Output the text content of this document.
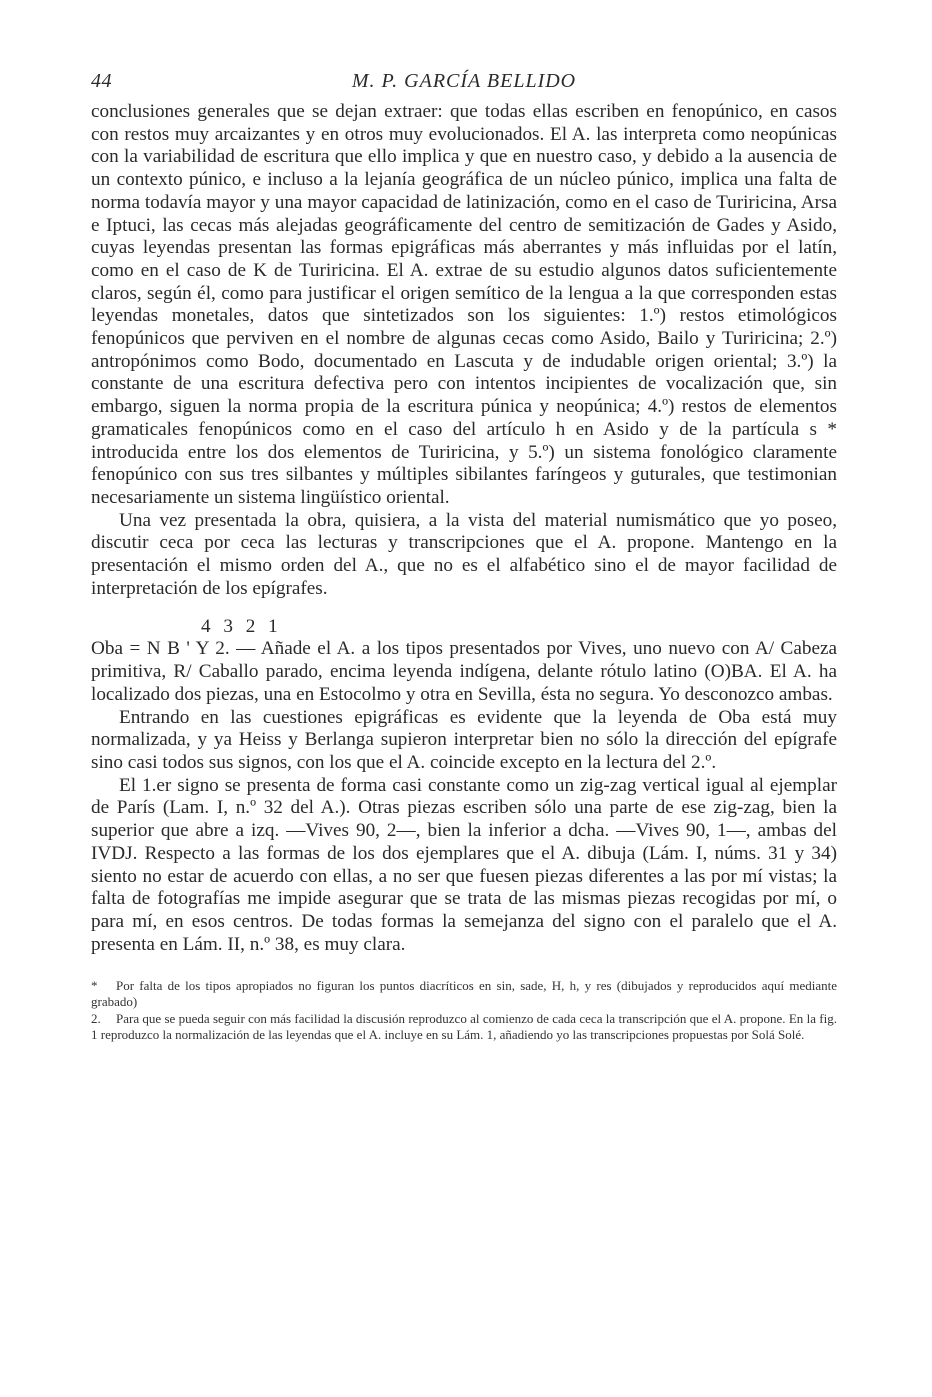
44	M. P. GARCÍA BELLIDO

conclusiones generales que se dejan extraer: que todas ellas escriben en fenopúnico, en casos con restos muy arcaizantes y en otros muy evolucionados. El A. las interpreta como neopúnicas con la variabilidad de escritura que ello implica y que en nuestro caso, y debido a la ausencia de un contexto púnico, e incluso a la lejanía geográfica de un núcleo púnico, implica una falta de norma todavía mayor y una mayor capacidad de latinización, como en el caso de Turiricina, Arsa e Iptuci, las cecas más alejadas geográficamente del centro de semitización de Gades y Asido, cuyas leyendas presentan las formas epigráficas más aberrantes y más influidas por el latín, como en el caso de K de Turiricina. El A. extrae de su estudio algunos datos suficientemente claros, según él, como para justificar el origen semítico de la lengua a la que corresponden estas leyendas monetales, datos que sintetizados son los siguientes: 1.º) restos etimológicos fenopúnicos que perviven en el nombre de algunas cecas como Asido, Bailo y Turiricina; 2.º) antropónimos como Bodo, documentado en Lascuta y de indudable origen oriental; 3.º) la constante de una escritura defectiva pero con intentos incipientes de vocalización que, sin embargo, siguen la norma propia de la escritura púnica y neopúnica; 4.º) restos de elementos gramaticales fenopúnicos como en el caso del artículo h en Asido y de la partícula s * introducida entre los dos elementos de Turiricina, y 5.º) un sistema fonológico claramente fenopúnico con sus tres silbantes y múltiples sibilantes faríngeos y guturales, que testimonian necesariamente un sistema lingüístico oriental.

Una vez presentada la obra, quisiera, a la vista del material numismático que yo poseo, discutir ceca por ceca las lecturas y transcripciones que el A. propone. Mantengo en la presentación el mismo orden del A., que no es el alfabético sino el de mayor facilidad de interpretación de los epígrafes.

4 3 2 1

Oba = N B ' Y 2. — Añade el A. a los tipos presentados por Vives, uno nuevo con A/ Cabeza primitiva, R/ Caballo parado, encima leyenda indígena, delante rótulo latino (O)BA. El A. ha localizado dos piezas, una en Estocolmo y otra en Sevilla, ésta no segura. Yo desconozco ambas.

Entrando en las cuestiones epigráficas es evidente que la leyenda de Oba está muy normalizada, y ya Heiss y Berlanga supieron interpretar bien no sólo la dirección del epígrafe sino casi todos sus signos, con los que el A. coincide excepto en la lectura del 2.º.

El 1.er signo se presenta de forma casi constante como un zig-zag vertical igual al ejemplar de París (Lam. I, n.º 32 del A.). Otras piezas escriben sólo una parte de ese zig-zag, bien la superior que abre a izq. —Vives 90, 2—, bien la inferior a dcha. —Vives 90, 1—, ambas del IVDJ. Respecto a las formas de los dos ejemplares que el A. dibuja (Lám. I, núms. 31 y 34) siento no estar de acuerdo con ellas, a no ser que fuesen piezas diferentes a las por mí vistas; la falta de fotografías me impide asegurar que se trata de las mismas piezas recogidas por mí, o para mí, en esos centros. De todas formas la semejanza del signo con el paralelo que el A. presenta en Lám. II, n.º 38, es muy clara.

* Por falta de los tipos apropiados no figuran los puntos diacríticos en sin, sade, H, h, y res (dibujados y reproducidos aquí mediante grabado)

2. Para que se pueda seguir con más facilidad la discusión reproduzco al comienzo de cada ceca la transcripción que el A. propone. En la fig. 1 reproduzco la normalización de las leyendas que el A. incluye en su Lám. 1, añadiendo yo las transcripciones propuestas por Solá Solé.
